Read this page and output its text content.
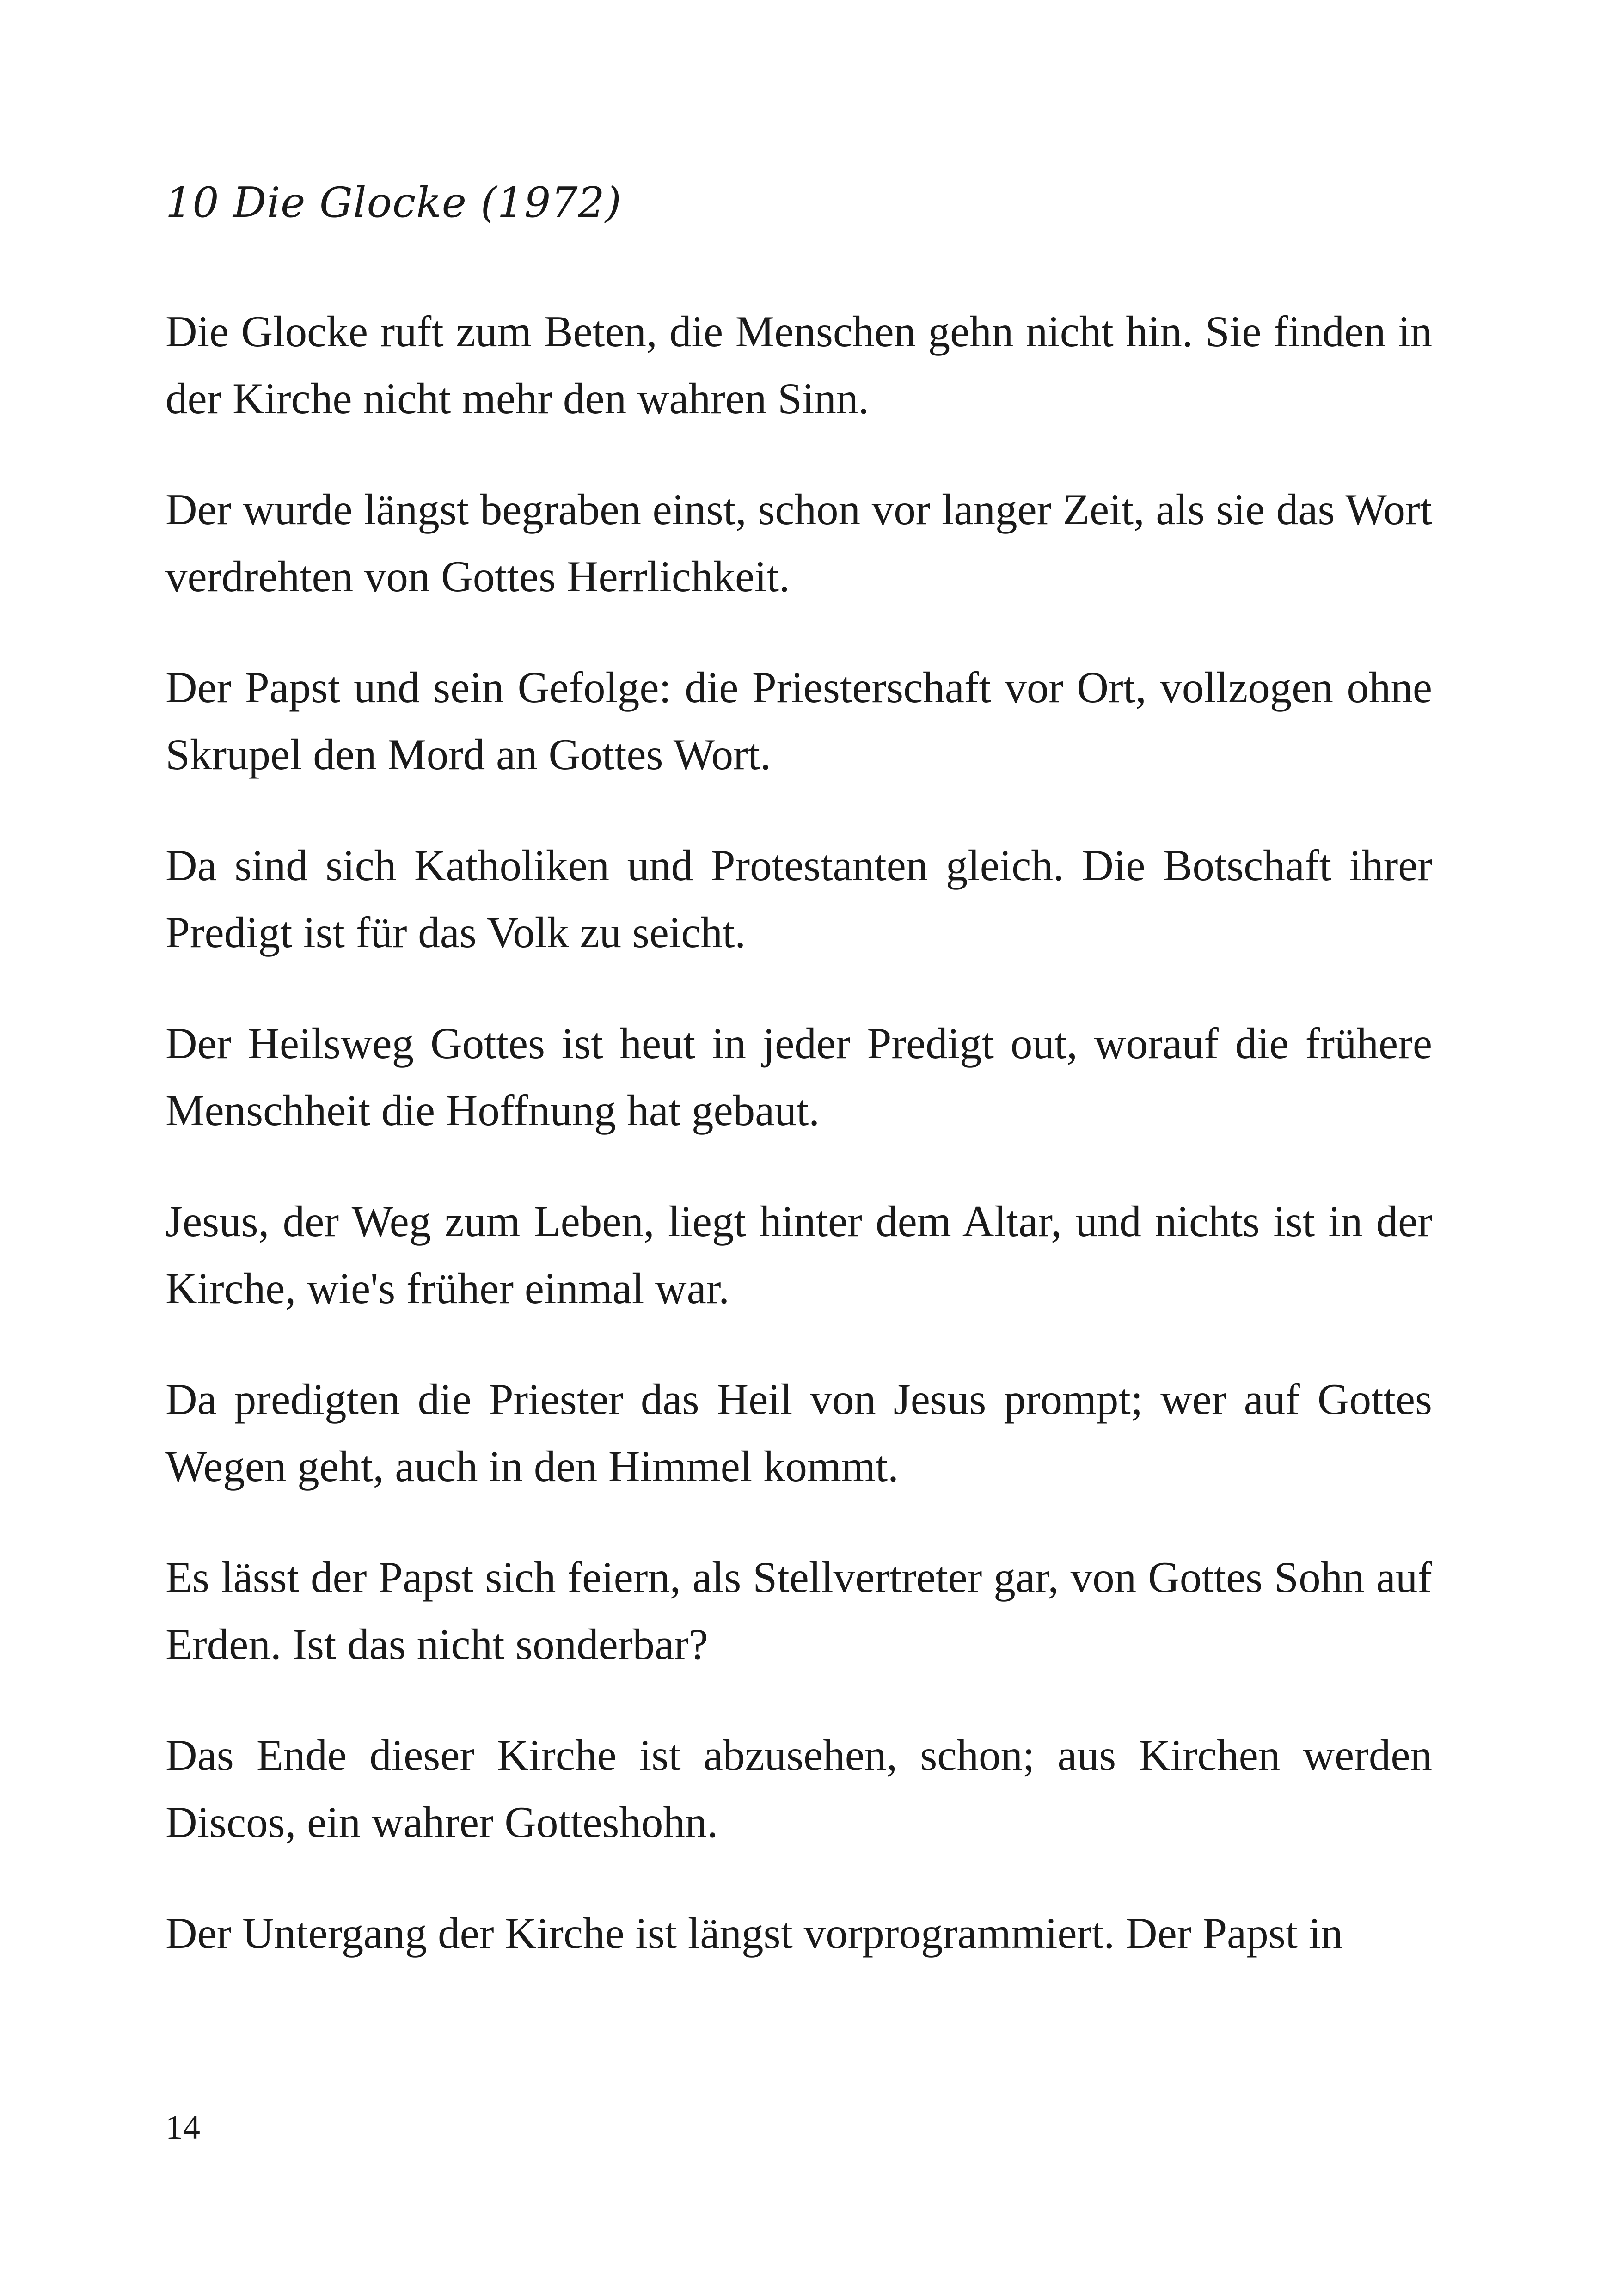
10 Die Glocke (1972)

Die Glocke ruft zum Beten, die Menschen gehn nicht hin. Sie finden in der Kirche nicht mehr den wahren Sinn.

Der wurde längst begraben einst, schon vor langer Zeit, als sie das Wort verdrehten von Gottes Herrlichkeit.

Der Papst und sein Gefolge: die Priesterschaft vor Ort, vollzogen ohne Skrupel den Mord an Gottes Wort.

Da sind sich Katholiken und Protestanten gleich. Die Botschaft ihrer Predigt ist für das Volk zu seicht.

Der Heilsweg Gottes ist heut in jeder Predigt out, worauf die frühere Menschheit die Hoffnung hat gebaut.

Jesus, der Weg zum Leben, liegt hinter dem Altar, und nichts ist in der Kirche, wie's früher einmal war.

Da predigten die Priester das Heil von Jesus prompt; wer auf Gottes Wegen geht, auch in den Himmel kommt.

Es lässt der Papst sich feiern, als Stellvertreter gar, von Gottes Sohn auf Erden. Ist das nicht sonderbar?

Das Ende dieser Kirche ist abzusehen, schon; aus Kirchen werden Discos, ein wahrer Gotteshohn.

Der Untergang der Kirche ist längst vorprogrammiert. Der Papst in

14
